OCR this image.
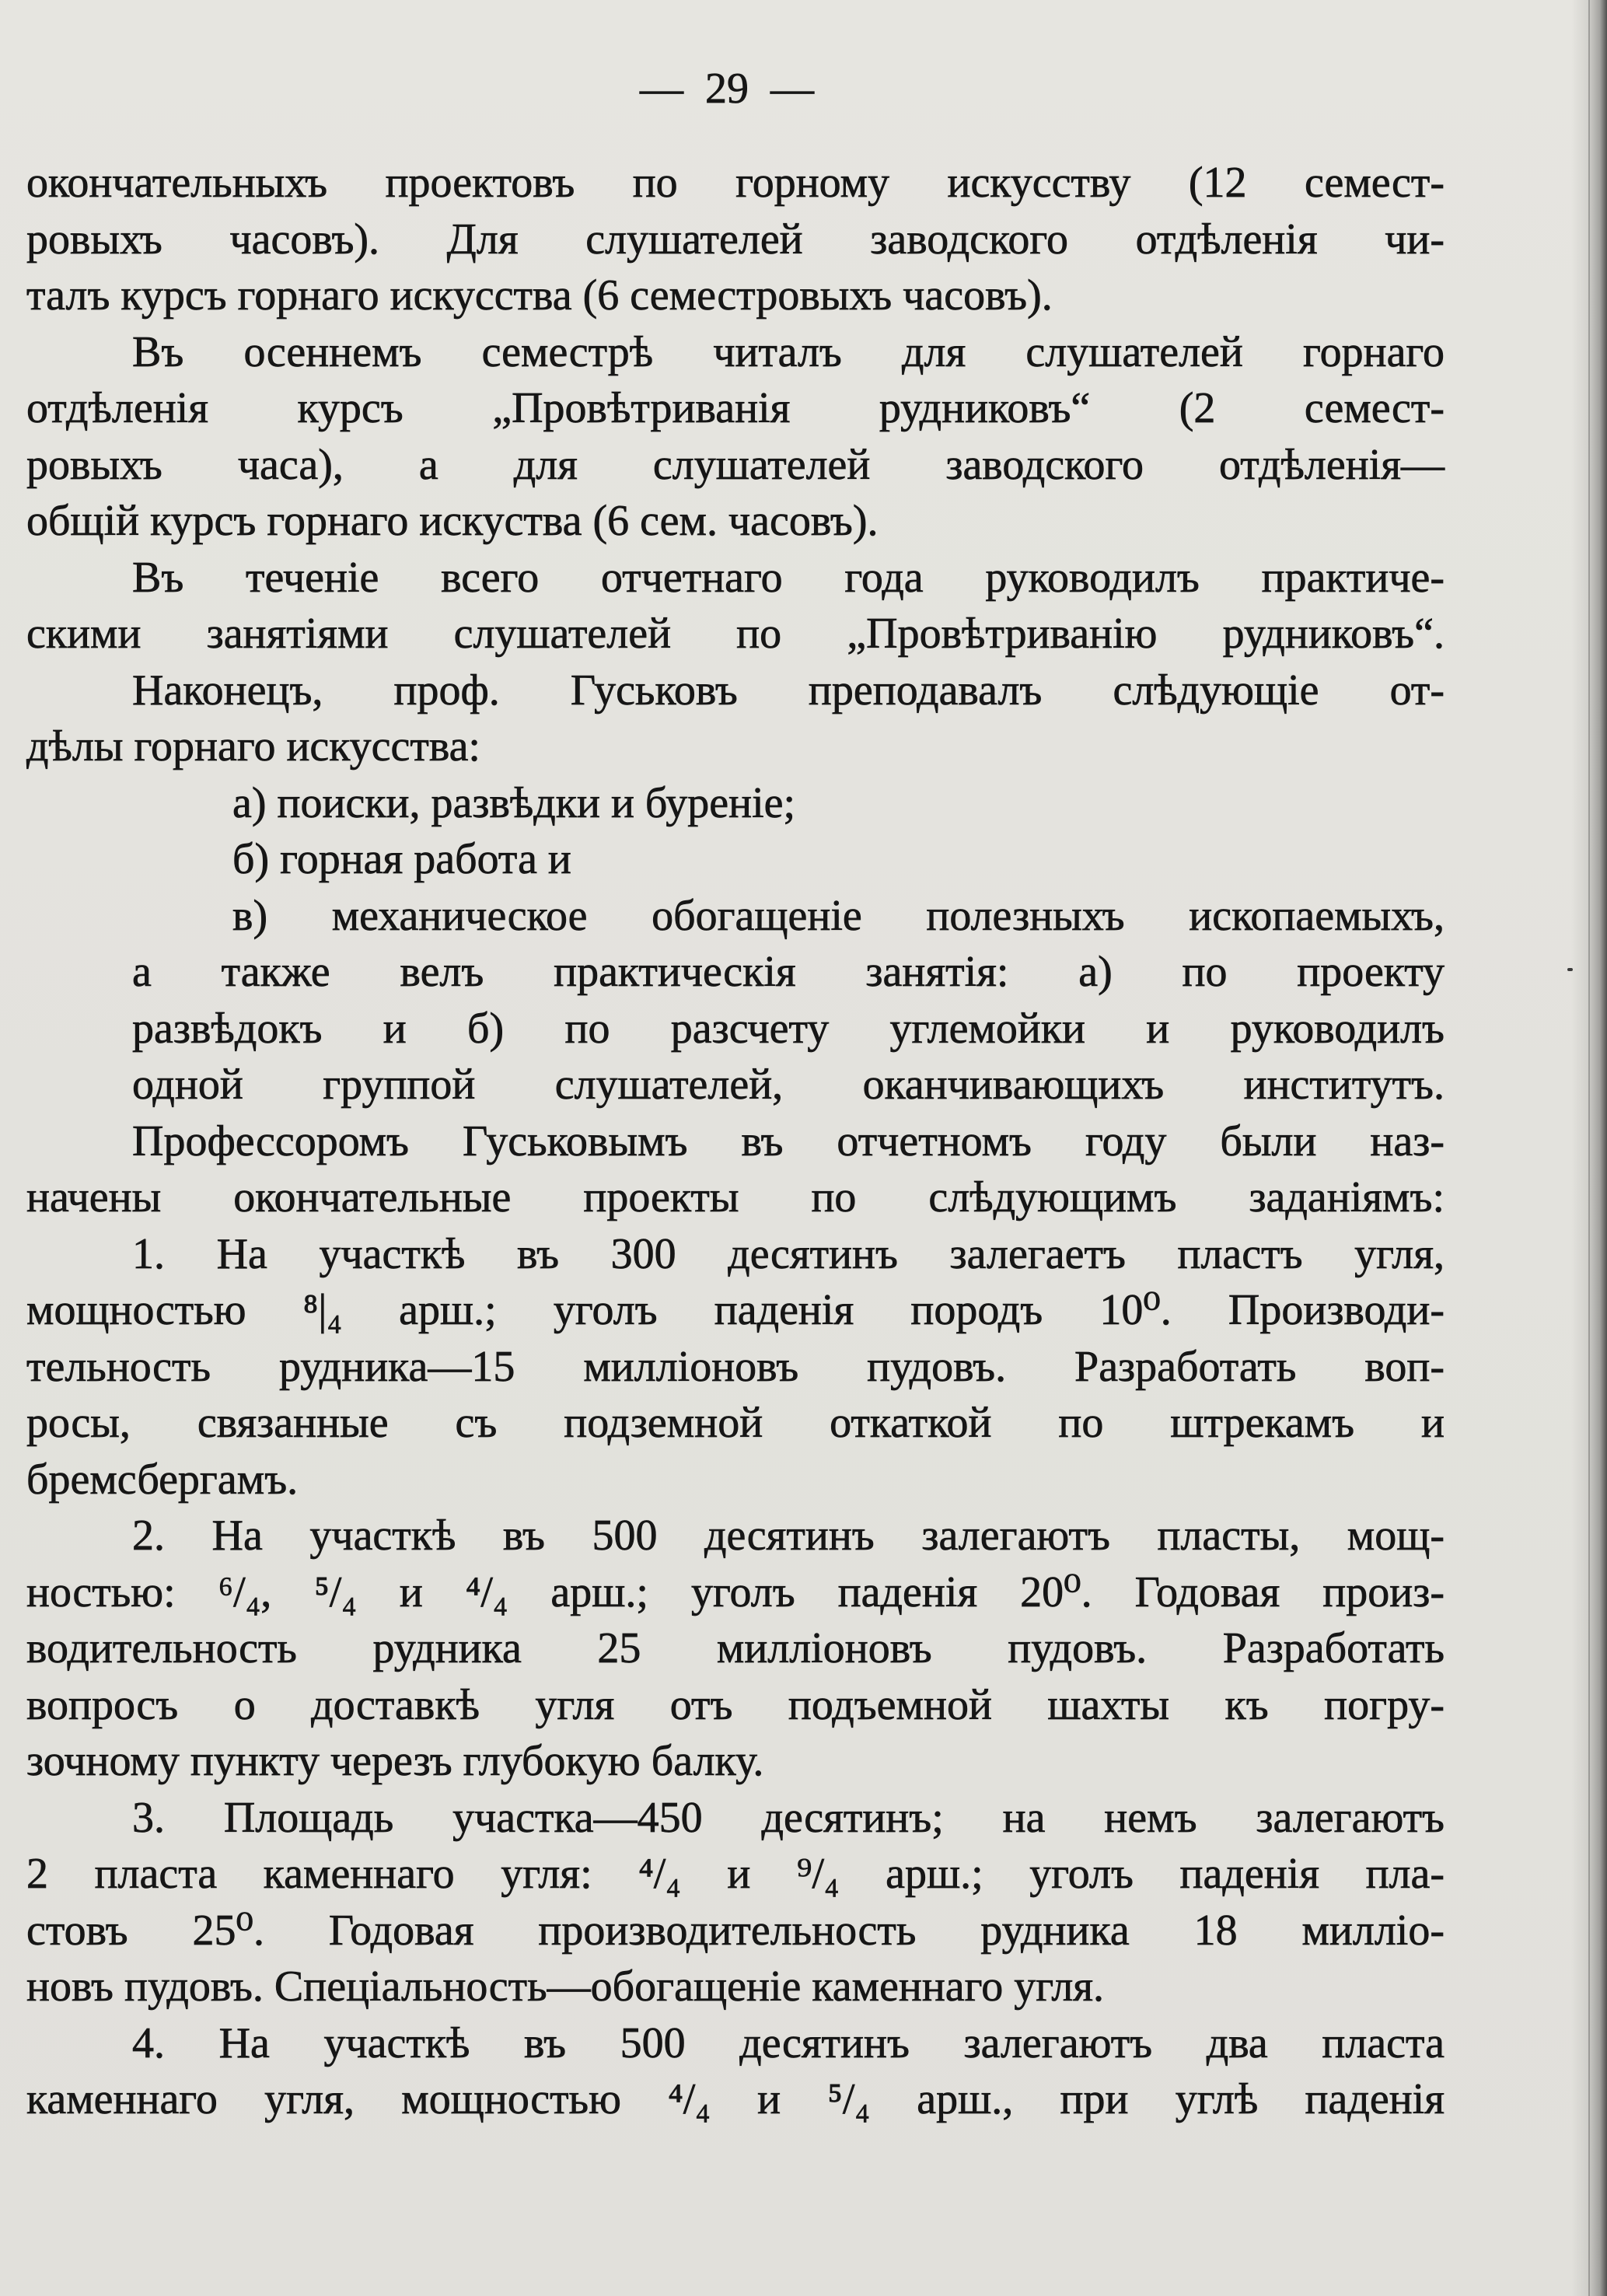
— 29 —
окончательныхъ проектовъ по горному искусству (12 семест-
ровыхъ часовъ). Для слушателей заводского отдѣленія чи-
талъ курсъ горнаго искусства (6 семестровыхъ часовъ).
Въ осеннемъ семестрѣ читалъ для слушателей горнаго
отдѣленія курсъ „Провѣтриванія рудниковъ“ (2 семест-
ровыхъ часа), а для слушателей заводского отдѣленія—
общій курсъ горнаго искуства (6 сем. часовъ).
Въ теченіе всего отчетнаго года руководилъ практиче-
скими занятіями слушателей по „Провѣтриванію рудниковъ“.
Наконецъ, проф. Гуськовъ преподавалъ слѣдующіе от-
дѣлы горнаго искусства:
а) поиски, развѣдки и буреніе;
б) горная работа и
в) механическое обогащеніе полезныхъ ископаемыхъ,
а также велъ практическія занятія: а) по проекту
развѣдокъ и б) по разсчету углемойки и руководилъ
одной группой слушателей, оканчивающихъ институтъ.
Профессоромъ Гуськовымъ въ отчетномъ году были наз-
начены окончательные проекты по слѣдующимъ заданіямъ:
1. На участкѣ въ 300 десятинъ залегаетъ пластъ угля,
мощностью ⁸|₄ арш.; уголъ паденія породъ 10⁰. Производи-
тельность рудника—15 милліоновъ пудовъ. Разработать воп-
росы, связанные съ подземной откаткой по штрекамъ и
бремсбергамъ.
2. На участкѣ въ 500 десятинъ залегаютъ пласты, мощ-
ностью: ⁶/₄, ⁵/₄ и ⁴/₄ арш.; уголъ паденія 20⁰. Годовая произ-
водительность рудника 25 милліоновъ пудовъ. Разработать
вопросъ о доставкѣ угля отъ подъемной шахты къ погру-
зочному пункту черезъ глубокую балку.
3. Площадь участка—450 десятинъ; на немъ залегаютъ
2 пласта каменнаго угля: ⁴/₄ и ⁹/₄ арш.; уголъ паденія пла-
стовъ 25⁰. Годовая производительность рудника 18 милліо-
новъ пудовъ. Спеціальность—обогащеніе каменнаго угля.
4. На участкѣ въ 500 десятинъ залегаютъ два пласта
каменнаго угля, мощностью ⁴/₄ и ⁵/₄ арш., при углѣ паденія
